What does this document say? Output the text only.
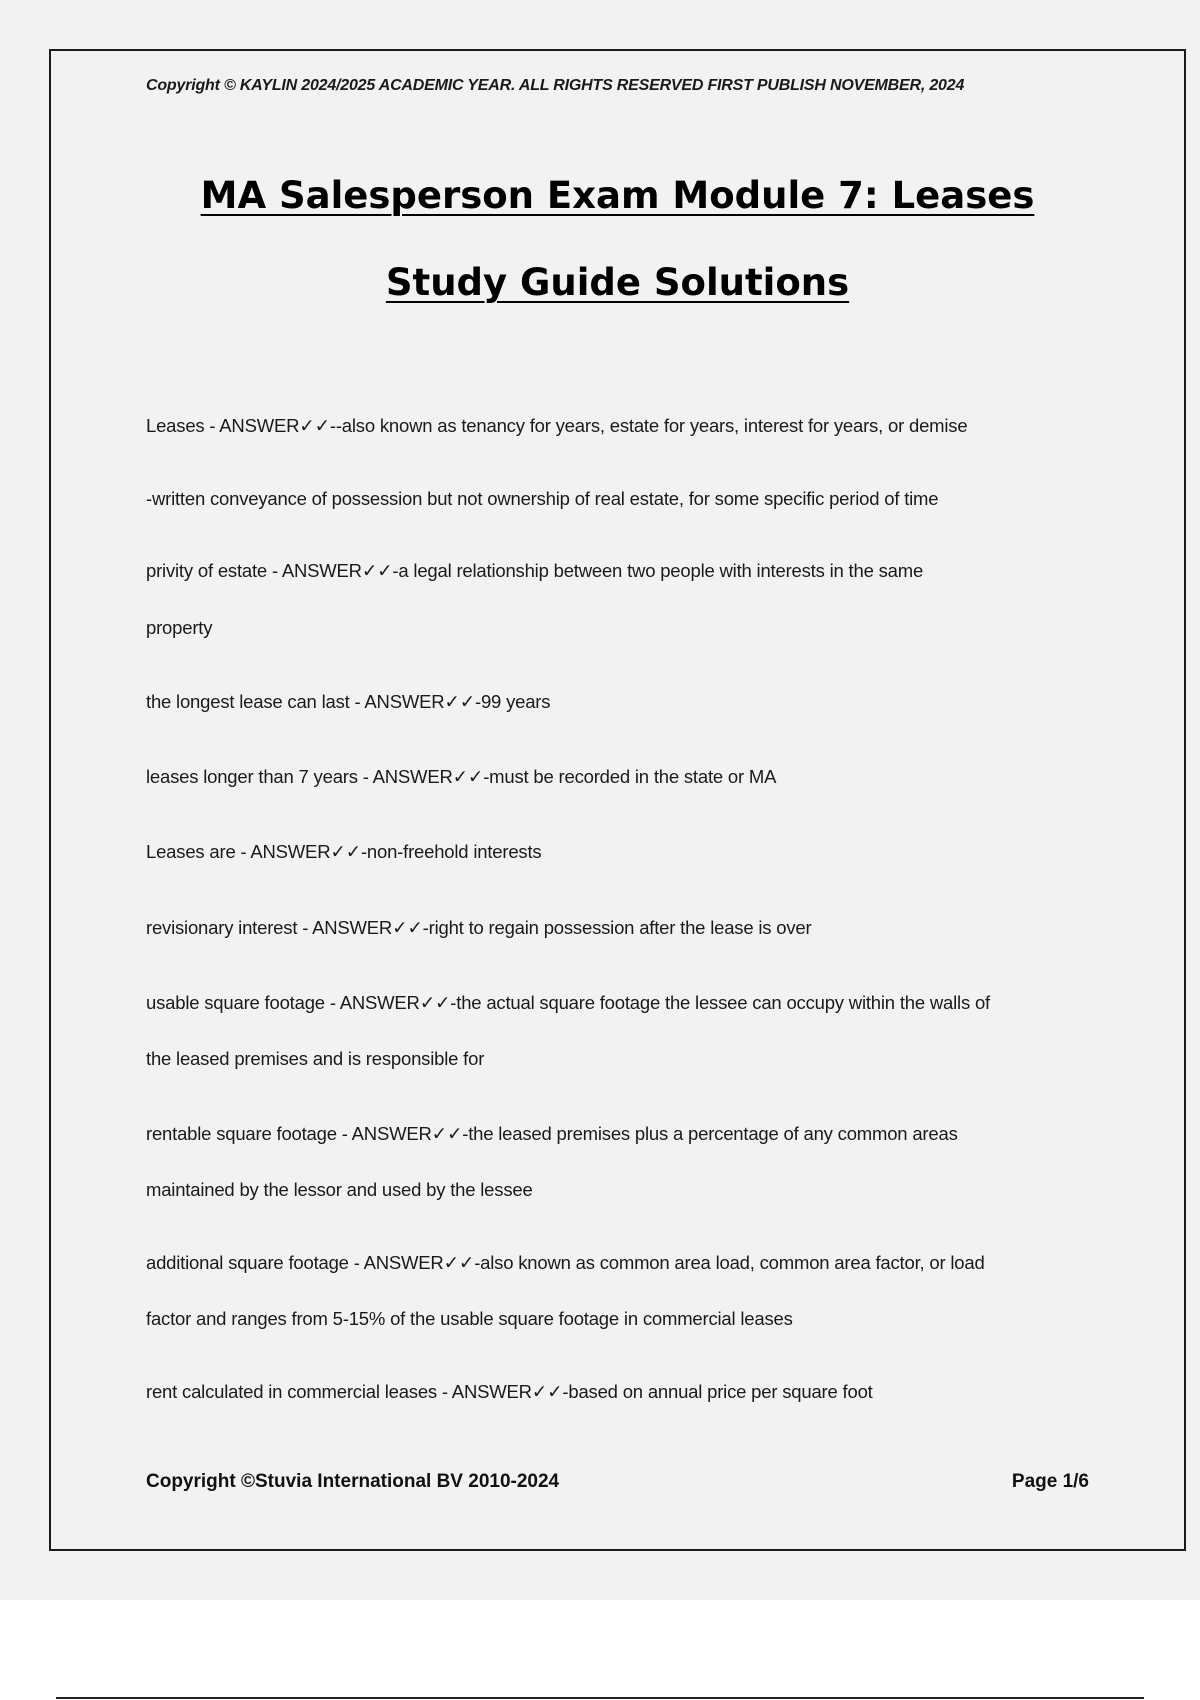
Copyright © KAYLIN 2024/2025 ACADEMIC YEAR. ALL RIGHTS RESERVED FIRST PUBLISH NOVEMBER, 2024
MA Salesperson Exam Module 7: Leases
Study Guide Solutions
Leases - ANSWER✓✓--also known as tenancy for years, estate for years, interest for years, or demise
-written conveyance of possession but not ownership of real estate, for some specific period of time
privity of estate - ANSWER✓✓-a legal relationship between two people with interests in the same
property
the longest lease can last - ANSWER✓✓-99 years
leases longer than 7 years - ANSWER✓✓-must be recorded in the state or MA
Leases are - ANSWER✓✓-non-freehold interests
revisionary interest - ANSWER✓✓-right to regain possession after the lease is over
usable square footage - ANSWER✓✓-the actual square footage the lessee can occupy within the walls of
the leased premises and is responsible for
rentable square footage - ANSWER✓✓-the leased premises plus a percentage of any common areas
maintained by the lessor and used by the lessee
additional square footage - ANSWER✓✓-also known as common area load, common area factor, or load
factor and ranges from 5-15% of the usable square footage in commercial leases
rent calculated in commercial leases - ANSWER✓✓-based on annual price per square foot
Copyright ©Stuvia International BV 2010-2024	Page 1/6
